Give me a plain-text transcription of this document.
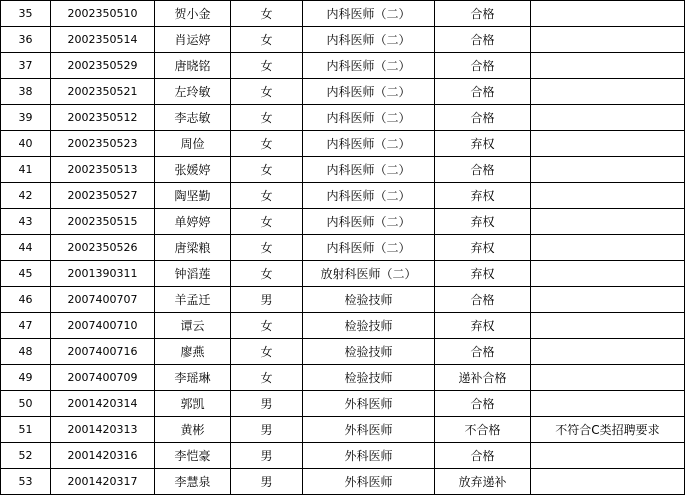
35	2002350510	贺小金	女	内科医师（二）	合格	
36	2002350514	肖运婷	女	内科医师（二）	合格	
37	2002350529	唐晓铭	女	内科医师（二）	合格	
38	2002350521	左玲敏	女	内科医师（二）	合格	
39	2002350512	李志敏	女	内科医师（二）	合格	
40	2002350523	周俭	女	内科医师（二）	弃权	
41	2002350513	张媛婷	女	内科医师（二）	合格	
42	2002350527	陶坚勤	女	内科医师（二）	弃权	
43	2002350515	单婷婷	女	内科医师（二）	弃权	
44	2002350526	唐梁粮	女	内科医师（二）	弃权	
45	2001390311	钟滔莲	女	放射科医师（二）	弃权	
46	2007400707	羊孟迁	男	检验技师	合格	
47	2007400710	谭云	女	检验技师	弃权	
48	2007400716	廖燕	女	检验技师	合格	
49	2007400709	李瑶琳	女	检验技师	递补合格	
50	2001420314	郭凯	男	外科医师	合格	
51	2001420313	黄彬	男	外科医师	不合格	不符合C类招聘要求
52	2001420316	李恺豪	男	外科医师	合格	
53	2001420317	李慧泉	男	外科医师	放弃递补	
